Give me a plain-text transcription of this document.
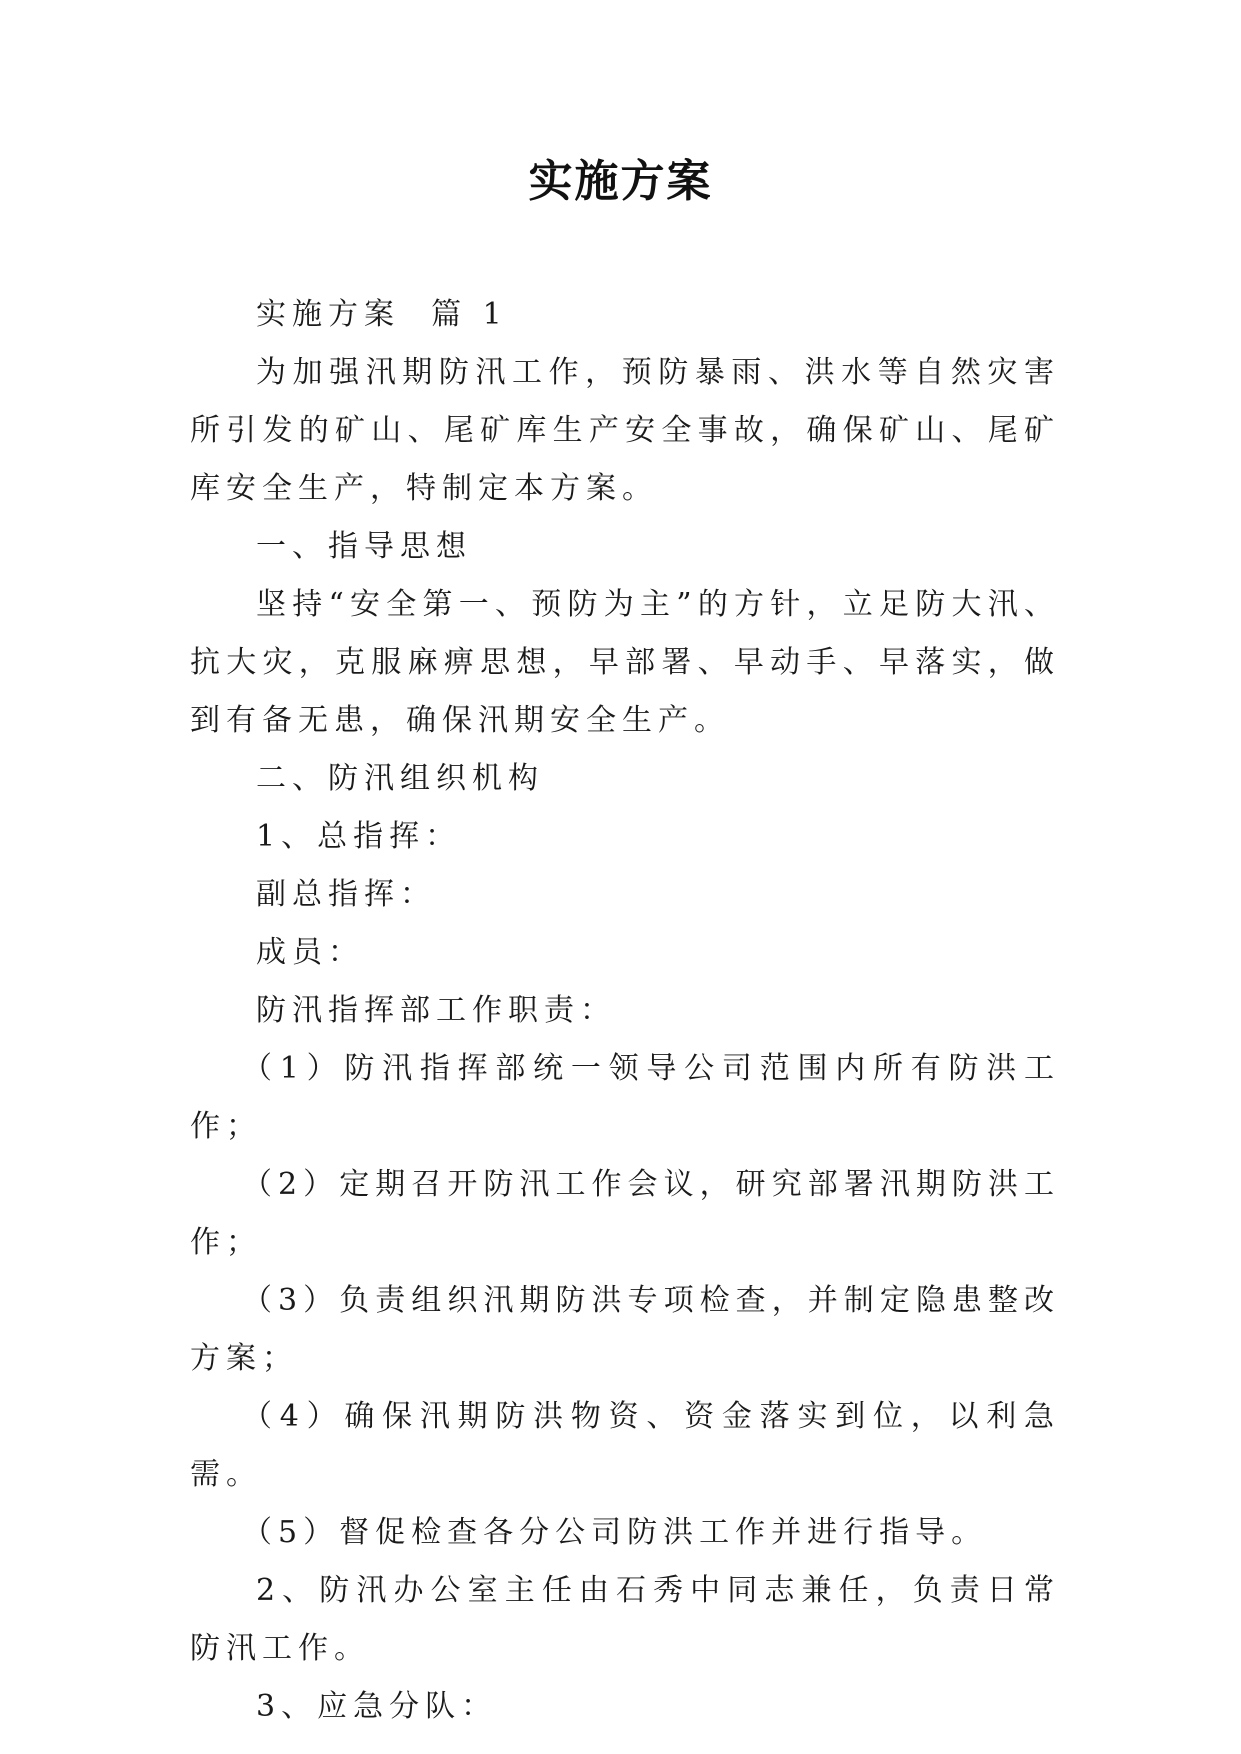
实施方案

实施方案  篇 1

为加强汛期防汛工作，预防暴雨、洪水等自然灾害所引发的矿山、尾矿库生产安全事故，确保矿山、尾矿库安全生产，特制定本方案。

一、指导思想

坚持“安全第一、预防为主”的方针，立足防大汛、抗大灾，克服麻痹思想，早部署、早动手、早落实，做到有备无患，确保汛期安全生产。

二、防汛组织机构

1、总指挥：

副总指挥：

成员：

防汛指挥部工作职责：

（1）防汛指挥部统一领导公司范围内所有防洪工作；

（2）定期召开防汛工作会议，研究部署汛期防洪工作；

（3）负责组织汛期防洪专项检查，并制定隐患整改方案；

（4）确保汛期防洪物资、资金落实到位，以利急需。

（5）督促检查各分公司防洪工作并进行指导。

2、防汛办公室主任由石秀中同志兼任，负责日常防汛工作。

3、应急分队：
